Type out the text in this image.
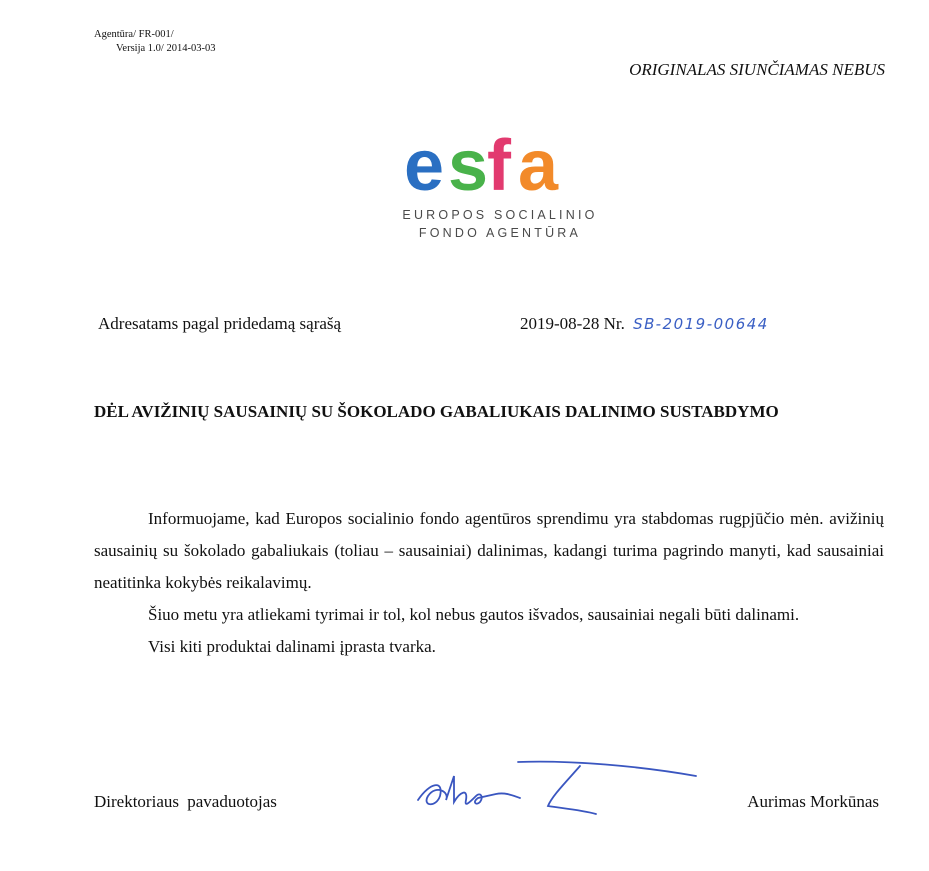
Agentūra/ FR-001/
Versija 1.0/ 2014-03-03
ORIGINALAS SIUNČIAMAS NEBUS
e s
f a
EUROPOS SOCIALINIO
FONDO AGENTŪRA
Adresatams pagal pridedamą sąrašą	2019-08-28 Nr. SB-2019-00644
DĖL AVIŽINIŲ SAUSAINIŲ SU ŠOKOLADO GABALIUKAIS DALINIMO SUSTABDYMO

Informuojame, kad Europos socialinio fondo agentūros sprendimu yra stabdomas rugpjūčio mėn. avižinių sausainių su šokolado gabaliukais (toliau – sausainiai) dalinimas, kadangi turima pagrindo manyti, kad sausainiai neatitinka kokybės reikalavimų.

Šiuo metu yra atliekami tyrimai ir tol, kol nebus gautos išvados, sausainiai negali būti dalinami.

Visi kiti produktai dalinami įprasta tvarka.

Direktoriaus pavaduotojas	Aurimas Morkūnas
